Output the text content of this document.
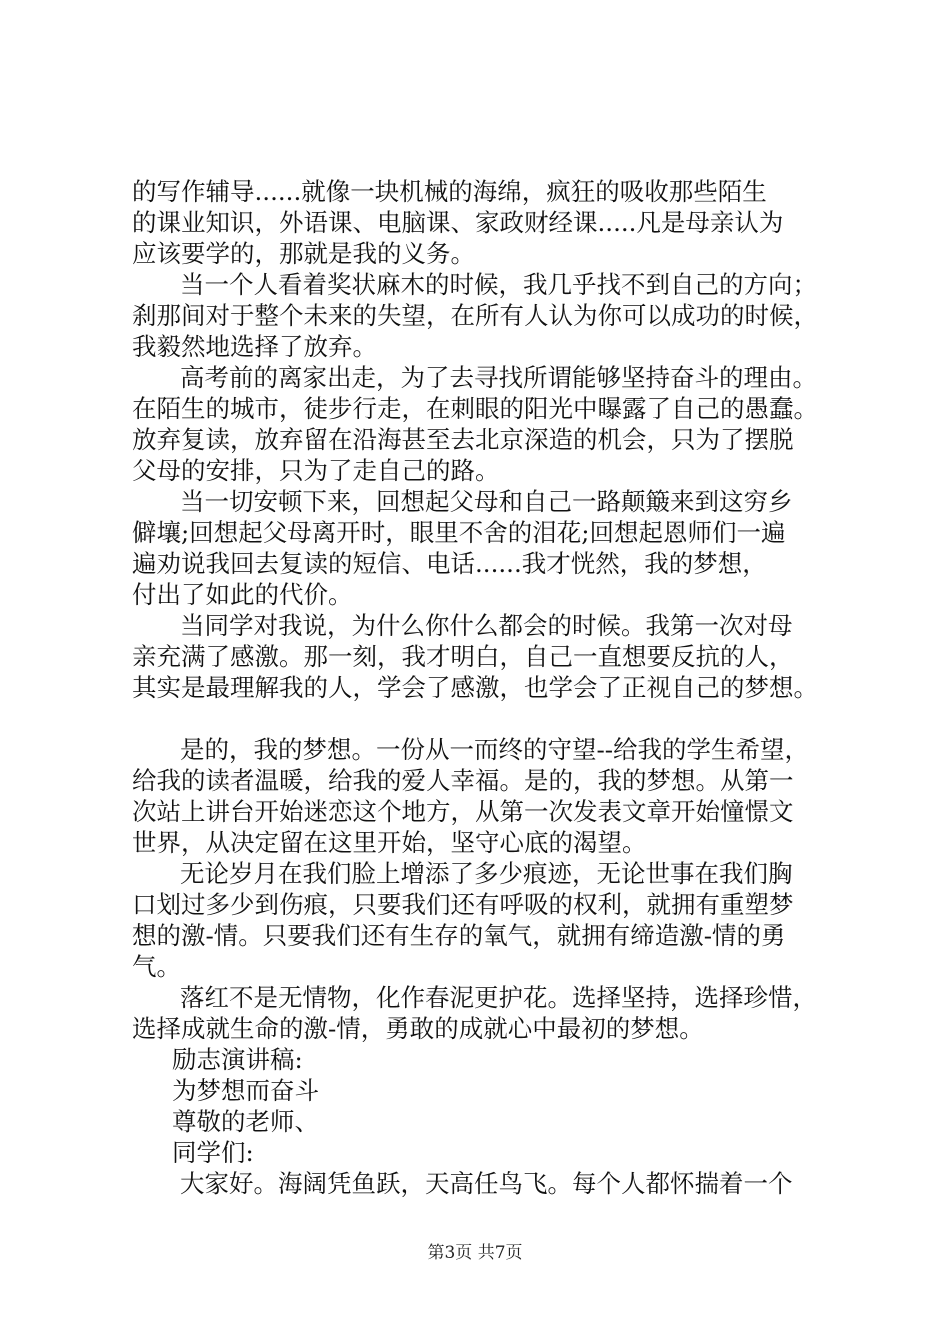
的写作辅导......就像一块机械的海绵，疯狂的吸收那些陌生
的课业知识，外语课、电脑课、家政财经课.....凡是母亲认为
应该要学的，那就是我的义务。
当一个人看着奖状麻木的时候，我几乎找不到自己的方向；
刹那间对于整个未来的失望，在所有人认为你可以成功的时候，
我毅然地选择了放弃。
高考前的离家出走，为了去寻找所谓能够坚持奋斗的理由。
在陌生的城市，徒步行走，在刺眼的阳光中曝露了自己的愚蠢。
放弃复读，放弃留在沿海甚至去北京深造的机会，只为了摆脱
父母的安排，只为了走自己的路。
当一切安顿下来，回想起父母和自己一路颠簸来到这穷乡
僻壤;回想起父母离开时，眼里不舍的泪花;回想起恩师们一遍
遍劝说我回去复读的短信、电话......我才恍然，我的梦想，
付出了如此的代价。
当同学对我说，为什么你什么都会的时候。我第一次对母
亲充满了感激。那一刻，我才明白，自己一直想要反抗的人，
其实是最理解我的人，学会了感激，也学会了正视自己的梦想。
是的，我的梦想。一份从一而终的守望--给我的学生希望，
给我的读者温暖，给我的爱人幸福。是的，我的梦想。从第一
次站上讲台开始迷恋这个地方，从第一次发表文章开始憧憬文
世界，从决定留在这里开始，坚守心底的渴望。
无论岁月在我们脸上增添了多少痕迹，无论世事在我们胸
口划过多少到伤痕，只要我们还有呼吸的权利，就拥有重塑梦
想的激-情。只要我们还有生存的氧气，就拥有缔造激-情的勇
气。
落红不是无情物，化作春泥更护花。选择坚持，选择珍惜，
选择成就生命的激-情，勇敢的成就心中最初的梦想。
励志演讲稿:
为梦想而奋斗
尊敬的老师、
同学们:
大家好。海阔凭鱼跃，天高任鸟飞。每个人都怀揣着一个
第3页 共7页
